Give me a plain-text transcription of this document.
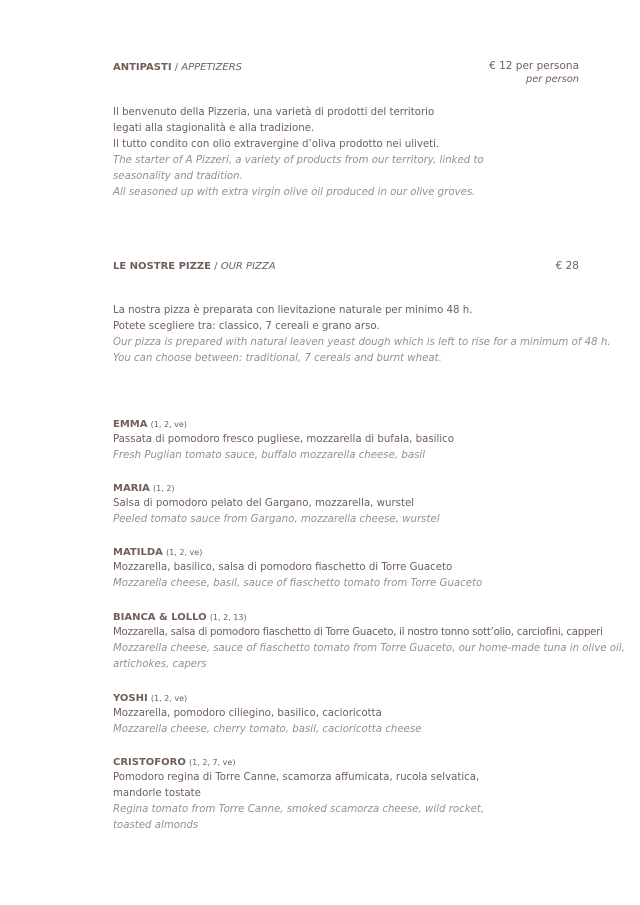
ANTIPASTI / APPETIZERS	€ 12 per persona
per person
Il benvenuto della Pizzeria, una varietà di prodotti del territorio
legati alla stagionalità e alla tradizione.
Il tutto condito con olio extravergine d’oliva prodotto nei uliveti.
The starter of A Pizzeri, a variety of products from our territory, linked to
seasonality and tradition.
All seasoned up with extra virgin olive oil produced in our olive groves.
LE NOSTRE PIZZE / OUR PIZZA	€ 28
La nostra pizza è preparata con lievitazione naturale per minimo 48 h.
Potete scegliere tra: classico, 7 cereali e grano arso.
Our pizza is prepared with natural leaven yeast dough which is left to rise for a minimum of 48 h.
You can choose between: traditional, 7 cereals and burnt wheat.
EMMA (1, 2, ve)
Passata di pomodoro fresco pugliese, mozzarella di bufala, basilico
Fresh Puglian tomato sauce, buffalo mozzarella cheese, basil
MARIA (1, 2)
Salsa di pomodoro pelato del Gargano, mozzarella, wurstel
Peeled tomato sauce from Gargano, mozzarella cheese, wurstel
MATILDA (1, 2, ve)
Mozzarella, basilico, salsa di pomodoro fiaschetto di Torre Guaceto
Mozzarella cheese, basil, sauce of fiaschetto tomato from Torre Guaceto
BIANCA & LOLLO (1, 2, 13)
Mozzarella, salsa di pomodoro fiaschetto di Torre Guaceto, il nostro tonno sott’olio, carciofini, capperi
Mozzarella cheese, sauce of fiaschetto tomato from Torre Guaceto, our home-made tuna in olive oil,
artichokes, capers
YOSHI (1, 2, ve)
Mozzarella, pomodoro ciliegino, basilico, cacioricotta
Mozzarella cheese, cherry tomato, basil, cacioricotta cheese
CRISTOFORO (1, 2, 7, ve)
Pomodoro regina di Torre Canne, scamorza affumicata, rucola selvatica,
mandorle tostate
Regina tomato from Torre Canne, smoked scamorza cheese, wild rocket,
toasted almonds
